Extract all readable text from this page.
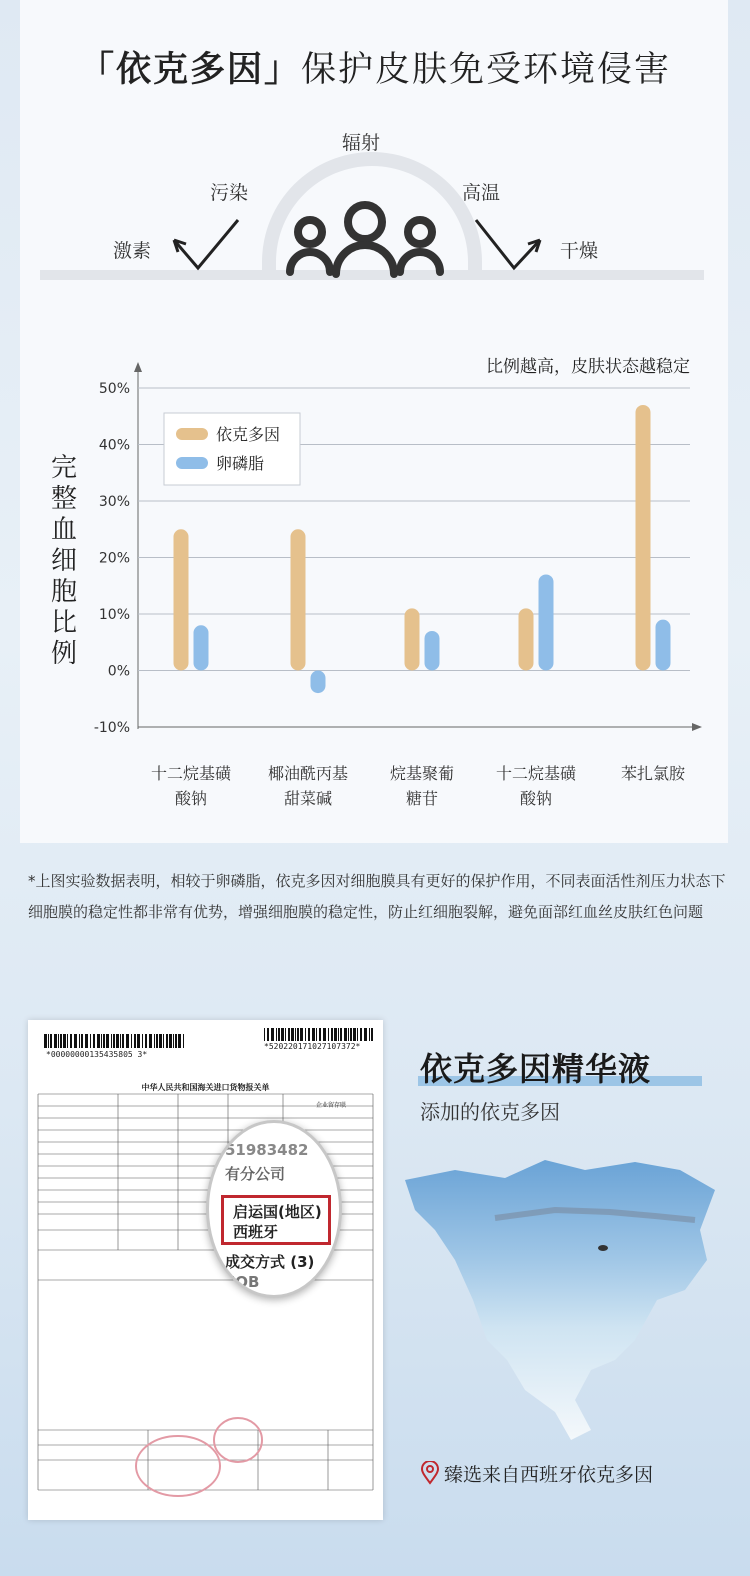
「依克多因」保护皮肤免受环境侵害
辐射
污染	高温
激素	干燥
50%
40%
30%
20%
10%
0%
-10%
比例越高，皮肤状态越稳定
完
整
血
细
胞
比
例
十二烷基磺
酸钠
椰油酰丙基
甜菜碱
烷基聚葡
糖苷
十二烷基磺
酸钠
苯扎氯胺
依克多因
卵磷脂
*上图实验数据表明，相较于卵磷脂，依克多因对细胞膜具有更好的保护作用，不同表面活性剂压力状态下细胞膜的稳定性都非常有优势，增强细胞膜的稳定性，防止红细胞裂解，避免面部红血丝皮肤红色问题
*00000000135435805 3*
*520220171027107372*
中华人民共和国海关进口货物报关单
企业留存联
51983482
有分公司
启运国(地区)
西班牙
成交方式 (3)
FOB
依克多因精华液
添加的依克多因
臻选来自西班牙依克多因
